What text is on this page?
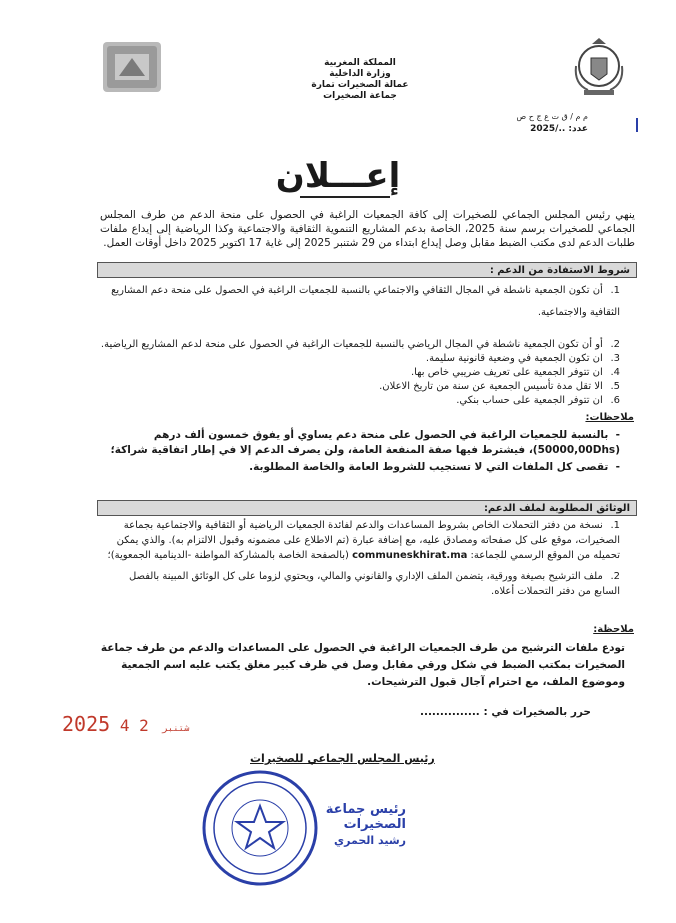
المملكة المغربية
وزارة الداخلية
عمالة الصخيرات تمارة
جماعة الصخيرات
م م / ق ت ع ج ح ص
عدد: ../2025
إعـــلان
ينهي رئيس المجلس الجماعي للصخيرات إلى كافة الجمعيات الراغبة في الحصول على منحة الدعم من طرف المجلس الجماعي للصخيرات برسم سنة 2025، الخاصة بدعم المشاريع التنموية الثقافية والاجتماعية وكذا الرياضية إلى إيداع ملفات طلبات الدعم لدى مكتب الضبط مقابل وصل إيداع ابتداء من 29 شتنبر 2025 إلى غاية 17 اكتوبر 2025 داخل أوقات العمل.
شروط الاستفادة من الدعم :
1. أن تكون الجمعية ناشطة في المجال الثقافي والاجتماعي بالنسبة للجمعيات الراغبة في الحصول على منحة دعم المشاريع الثقافية والاجتماعية.
2. أو أن تكون الجمعية ناشطة في المجال الرياضي بالنسبة للجمعيات الراغبة في الحصول على منحة لدعم المشاريع الرياضية.
3. ان تكون الجمعية في وضعية قانونية سليمة.
4. ان تتوفر الجمعية على تعريف ضريبي خاص بها.
5. الا تقل مدة تأسيس الجمعية عن سنة من تاريخ الاعلان.
6. ان تتوفر الجمعية على حساب بنكي.
ملاحظات:
-  بالنسبة للجمعيات الراغبة في الحصول على منحة دعم يساوي أو يفوق خمسون ألف درهم (50000,00Dhs)، فيشترط فيها صفة المنفعة العامة، ولن يصرف الدعم إلا في إطار اتفاقية شراكة؛
-  تقصى كل الملفات التي لا تستجيب للشروط العامة والخاصة المطلوبة.
الوثائق المطلوبة لملف الدعم:
1. نسخة من دفتر التحملات الخاص بشروط المساعدات والدعم لفائدة الجمعيات الرياضية أو الثقافية والاجتماعية بجماعة الصخيرات، موقع على كل صفحاته ومصادق عليه، مع إضافة عبارة (تم الاطلاع على مضمونه وقبول الالتزام به). والذي يمكن تحميله من الموقع الرسمي للجماعة: communeskhirat.ma (بالصفحة الخاصة بالمشاركة المواطنة -الدينامية الجمعوية)؛
2. ملف الترشيح بصيغة وورقية، يتضمن الملف الإداري والقانوني والمالي، ويحتوي لزوما على كل الوثائق المبينة بالفصل السابع من دفتر التحملات أعلاه.
ملاحظة:
تودع ملفات الترشيح من طرف الجمعيات الراغبة في الحصول على المساعدات والدعم من طرف جماعة الصخيرات بمكتب الضبط في شكل ورقي مقابل وصل في ظرف كبير مغلق يكتب عليه اسم الجمعية وموضوع الملف، مع احترام آجال قبول الترشيحات.
حرر بالصخيرات في : ...............
2025	شتنبر 2 4
رئيس المجلس الجماعي للصخيرات
رئيس جماعة الصخيرات
رشيد الحمري
